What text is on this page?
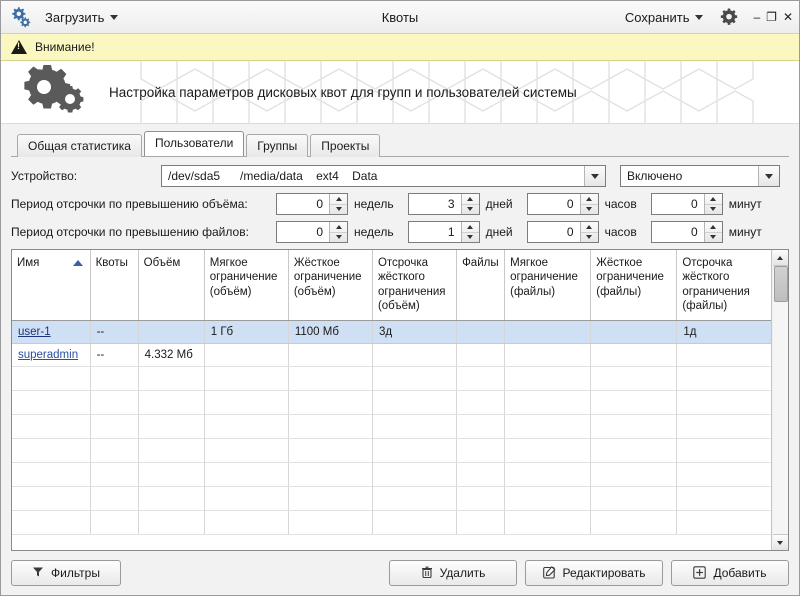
Загрузить	Квоты	Сохранить	– ❐ ✕
!
Внимание!
Настройка параметров дисковых квот для групп и пользователей системы
Общая статистика	Пользователи	Группы	Проекты
Устройство:	/dev/sda5      /media/data    ext4    Data	Включено
Период отсрочки по превышению объёма:
0	недель
3	дней
0	часов
0	минут
Период отсрочки по превышению файлов:
0	недель
1	дней
0	часов
0	минут
Имя	Квоты	Объём	Мягкое ограничение (объём)	Жёсткое ограничение (объём)	Отсрочка жёсткого ограничения (объём)	Файлы	Мягкое ограничение (файлы)	Жёсткое ограничение (файлы)	Отсрочка жёсткого ограничения (файлы)
user-1	--		1 Гб	1100 Мб	3д				1д
superadmin	--	4.332 Мб							

Фильтры	Удалить	Редактировать	Добавить
